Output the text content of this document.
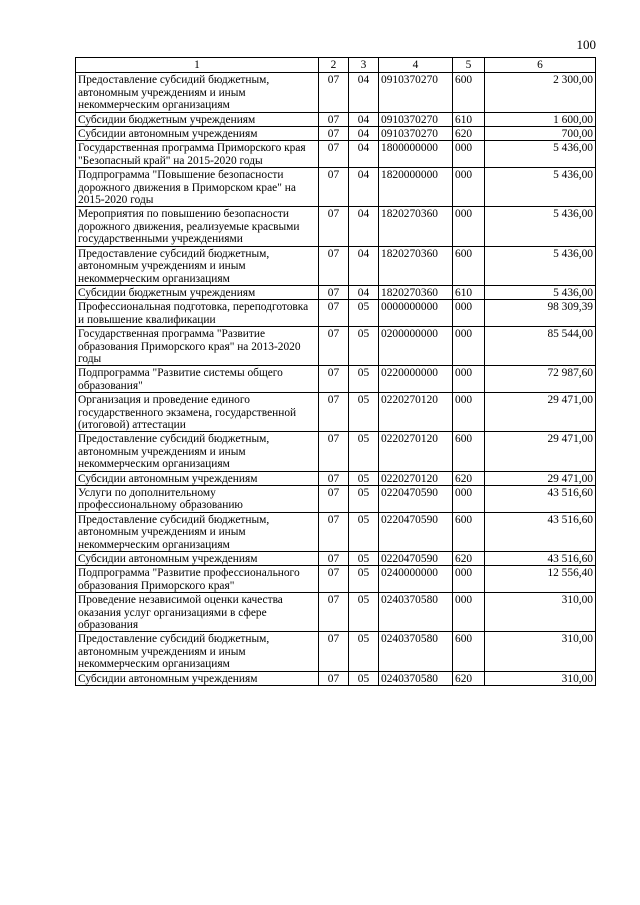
100
1	2	3	4	5	6
Предоставление субсидий бюджетным, автономным учреждениям и иным некоммерческим организациям	07	04	0910370270	600	2 300,00
Субсидии бюджетным учреждениям	07	04	0910370270	610	1 600,00
Субсидии автономным учреждениям	07	04	0910370270	620	700,00
Государственная программа Приморского края "Безопасный край" на 2015-2020 годы	07	04	1800000000	000	5 436,00
Подпрограмма "Повышение безопасности дорожного движения в Приморском крае" на 2015-2020 годы	07	04	1820000000	000	5 436,00
Мероприятия по повышению безопасности дорожного движения, реализуемые красвыми государственными учреждениями	07	04	1820270360	000	5 436,00
Предоставление субсидий бюджетным, автономным учреждениям и иным некоммерческим организациям	07	04	1820270360	600	5 436,00
Субсидии бюджетным учреждениям	07	04	1820270360	610	5 436,00
Профессиональная подготовка, переподготовка и повышение квалификации	07	05	0000000000	000	98 309,39
Государственная программа "Развитие образования Приморского края" на 2013-2020 годы	07	05	0200000000	000	85 544,00
Подпрограмма "Развитие системы общего образования"	07	05	0220000000	000	72 987,60
Организация и проведение единого государственного экзамена, государственной (итоговой) аттестации	07	05	0220270120	000	29 471,00
Предоставление субсидий бюджетным, автономным учреждениям и иным некоммерческим организациям	07	05	0220270120	600	29 471,00
Субсидии автономным учреждениям	07	05	0220270120	620	29 471,00
Услуги по дополнительному профессиональному образованию	07	05	0220470590	000	43 516,60
Предоставление субсидий бюджетным, автономным учреждениям и иным некоммерческим организациям	07	05	0220470590	600	43 516,60
Субсидии автономным учреждениям	07	05	0220470590	620	43 516,60
Подпрограмма "Развитие профессионального образования Приморского края"	07	05	0240000000	000	12 556,40
Проведение независимой оценки качества оказания услуг организациями в сфере образования	07	05	0240370580	000	310,00
Предоставление субсидий бюджетным, автономным учреждениям и иным некоммерческим организациям	07	05	0240370580	600	310,00
Субсидии автономным учреждениям	07	05	0240370580	620	310,00
